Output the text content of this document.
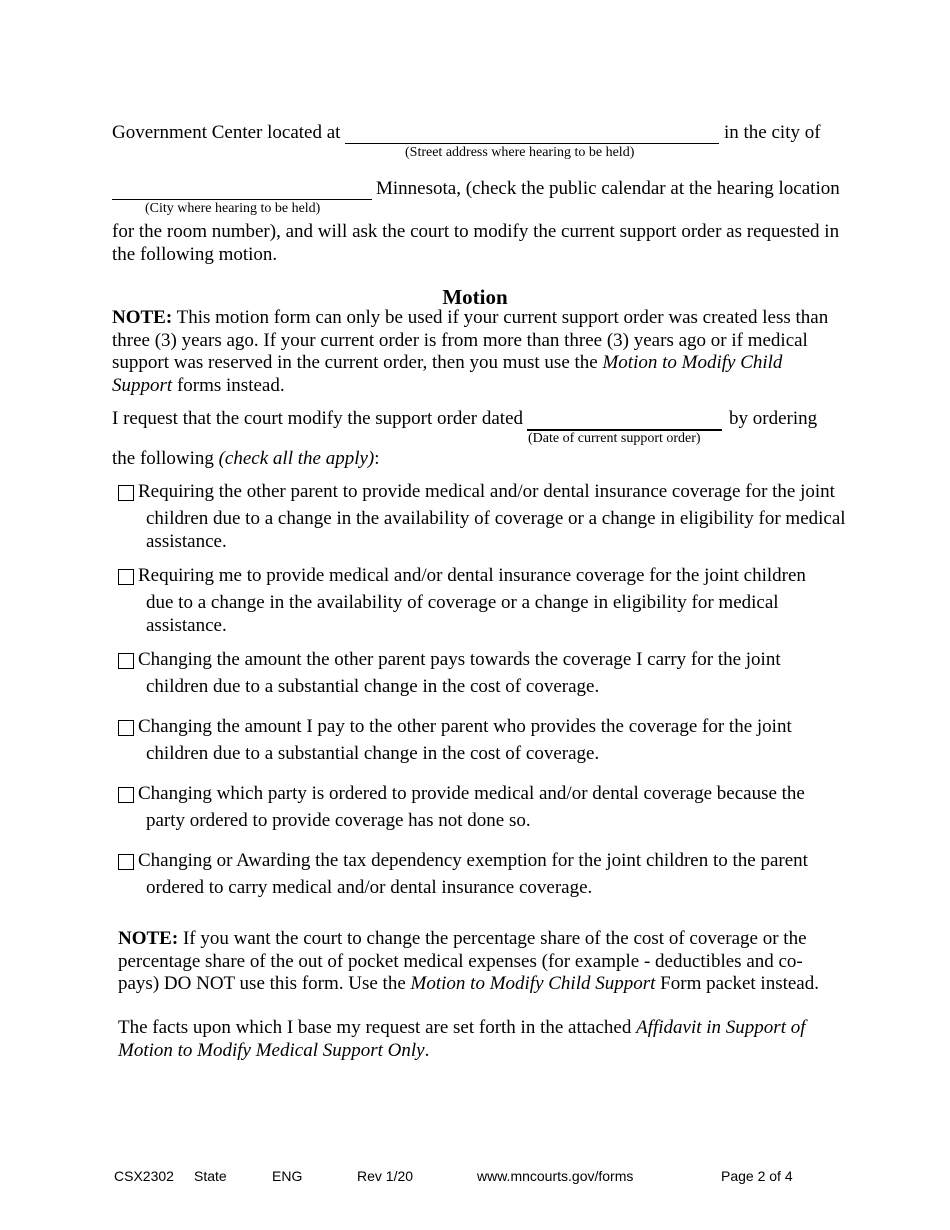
Government Center located at
(Street address where hearing to be held)
in the city of
(City where hearing to be held)
Minnesota, (check the public calendar at the hearing location
for the room number), and will ask the court to modify the current support order as requested in the following motion.
Motion
NOTE: This motion form can only be used if your current support order was created less than three (3) years ago. If your current order is from more than three (3) years ago or if medical support was reserved in the current order, then you must use the Motion to Modify Child Support forms instead.
I request that the court modify the support order dated
(Date of current support order)
by ordering
the following (check all the apply):
Requiring the other parent to provide medical and/or dental insurance coverage for the joint
children due to a change in the availability of coverage or a change in eligibility for medical
assistance.
Requiring me to provide medical and/or dental insurance coverage for the joint children
due to a change in the availability of coverage or a change in eligibility for medical
assistance.
Changing the amount the other parent pays towards the coverage I carry for the joint
children due to a substantial change in the cost of coverage.
Changing the amount I pay to the other parent who provides the coverage for the joint
children due to a substantial change in the cost of coverage.
Changing which party is ordered to provide medical and/or dental coverage because the
party ordered to provide coverage has not done so.
Changing or Awarding the tax dependency exemption for the joint children to the parent
ordered to carry medical and/or dental insurance coverage.
NOTE: If you want the court to change the percentage share of the cost of coverage or the percentage share of the out of pocket medical expenses (for example - deductibles and co-pays) DO NOT use this form. Use the Motion to Modify Child Support Form packet instead.
The facts upon which I base my request are set forth in the attached Affidavit in Support of Motion to Modify Medical Support Only.
CSX2302 State	ENG	Rev 1/20	www.mncourts.gov/forms	Page 2 of 4
